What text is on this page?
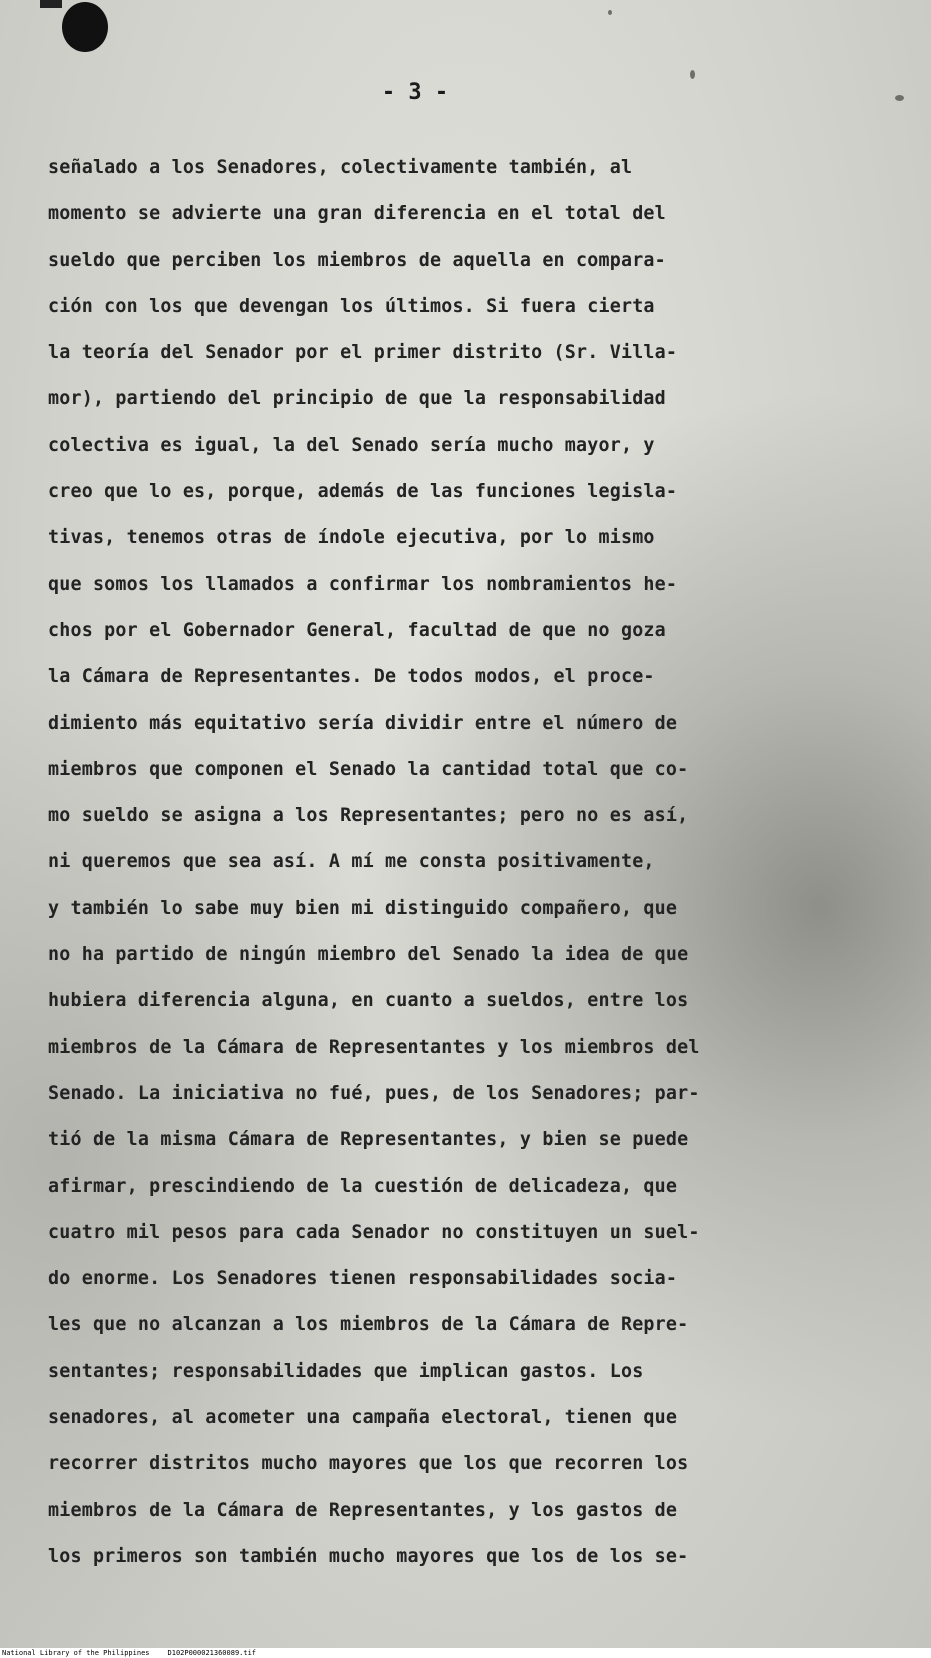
- 3 -
señalado a los Senadores, colectivamente también, al
momento se advierte una gran diferencia en el total del
sueldo que perciben los miembros de aquella en compara-
ción con los que devengan los últimos. Si fuera cierta
la teoría del Senador por el primer distrito (Sr. Villa-
mor), partiendo del principio de que la responsabilidad
colectiva es igual, la del Senado sería mucho mayor, y
creo que lo es, porque, además de las funciones legisla-
tivas, tenemos otras de índole ejecutiva, por lo mismo
que somos los llamados a confirmar los nombramientos he-
chos por el Gobernador General, facultad de que no goza
la Cámara de Representantes. De todos modos, el proce-
dimiento más equitativo sería dividir entre el número de
miembros que componen el Senado la cantidad total que co-
mo sueldo se asigna a los Representantes; pero no es así,
ni queremos que sea así. A mí me consta positivamente,
y también lo sabe muy bien mi distinguido compañero, que
no ha partido de ningún miembro del Senado la idea de que
hubiera diferencia alguna, en cuanto a sueldos, entre los
miembros de la Cámara de Representantes y los miembros del
Senado. La iniciativa no fué, pues, de los Senadores; par-
tió de la misma Cámara de Representantes, y bien se puede
afirmar, prescindiendo de la cuestión de delicadeza, que
cuatro mil pesos para cada Senador no constituyen un suel-
do enorme. Los Senadores tienen responsabilidades socia-
les que no alcanzan a los miembros de la Cámara de Repre-
sentantes; responsabilidades que implican gastos. Los
senadores, al acometer una campaña electoral, tienen que
recorrer distritos mucho mayores que los que recorren los
miembros de la Cámara de Representantes, y los gastos de
los primeros son también mucho mayores que los de los se-
National Library of the Philippines	D102P000021360089.tif
